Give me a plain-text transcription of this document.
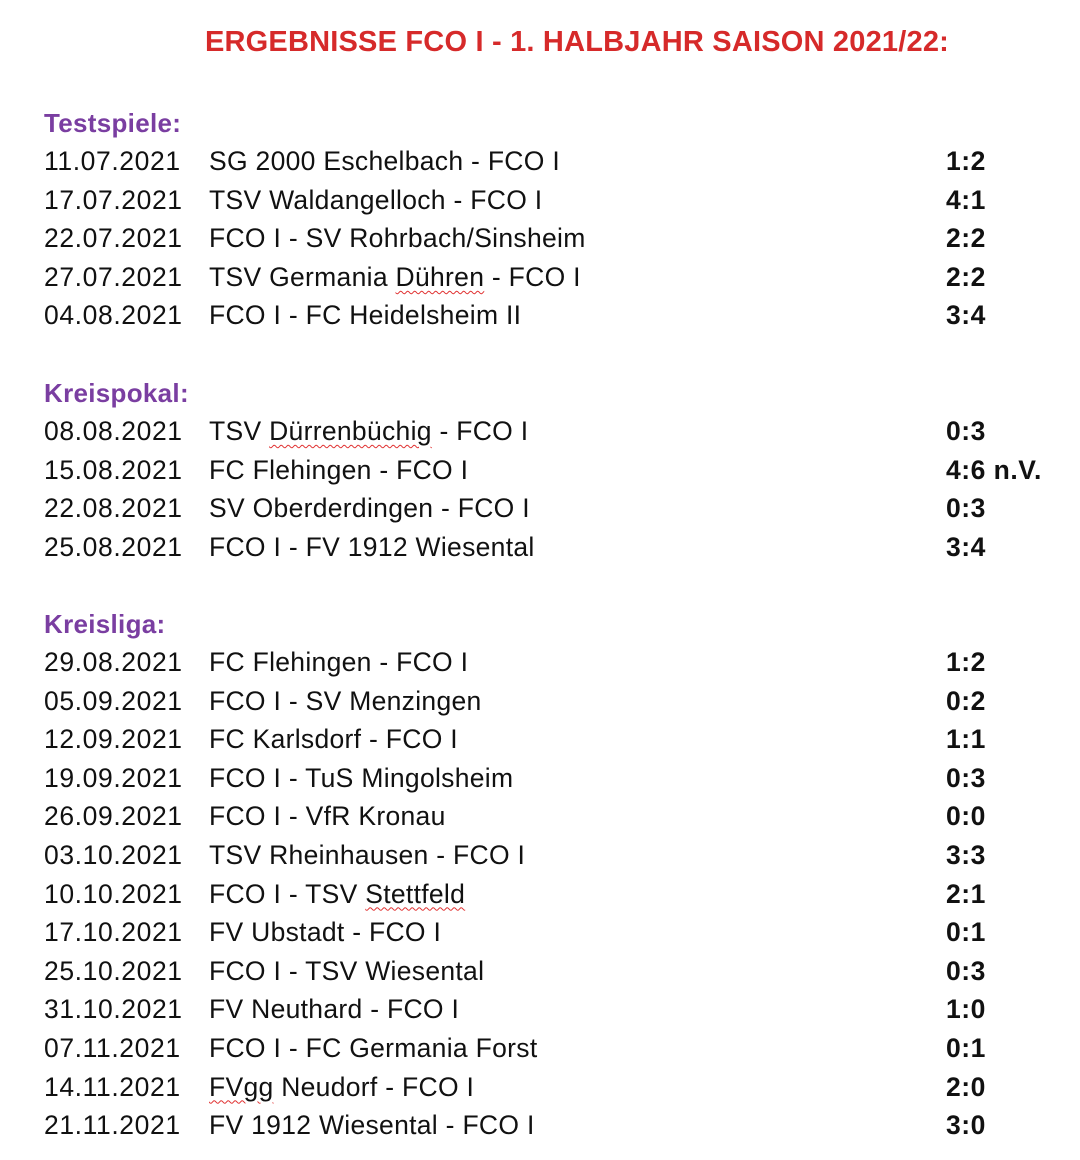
ERGEBNISSE FCO I - 1. HALBJAHR SAISON 2021/22:
Testspiele:
11.07.2021 SG 2000 Eschelbach - FCO I	1:2
17.07.2021 TSV Waldangelloch - FCO I	4:1
22.07.2021 FCO I - SV Rohrbach/Sinsheim	2:2
27.07.2021 TSV Germania Dühren - FCO I	2:2
04.08.2021 FCO I - FC Heidelsheim II	3:4
Kreispokal:
08.08.2021 TSV Dürrenbüchig - FCO I	0:3
15.08.2021 FC Flehingen - FCO I	4:6 n.V.
22.08.2021 SV Oberderdingen - FCO I	0:3
25.08.2021 FCO I - FV 1912 Wiesental	3:4
Kreisliga:
29.08.2021 FC Flehingen - FCO I	1:2
05.09.2021 FCO I - SV Menzingen	0:2
12.09.2021 FC Karlsdorf - FCO I	1:1
19.09.2021 FCO I - TuS Mingolsheim	0:3
26.09.2021 FCO I - VfR Kronau	0:0
03.10.2021 TSV Rheinhausen - FCO I	3:3
10.10.2021 FCO I - TSV Stettfeld	2:1
17.10.2021 FV Ubstadt - FCO I	0:1
25.10.2021 FCO I - TSV Wiesental	0:3
31.10.2021 FV Neuthard - FCO I	1:0
07.11.2021 FCO I - FC Germania Forst	0:1
14.11.2021 FVgg Neudorf - FCO I	2:0
21.11.2021 FV 1912 Wiesental - FCO I	3:0
